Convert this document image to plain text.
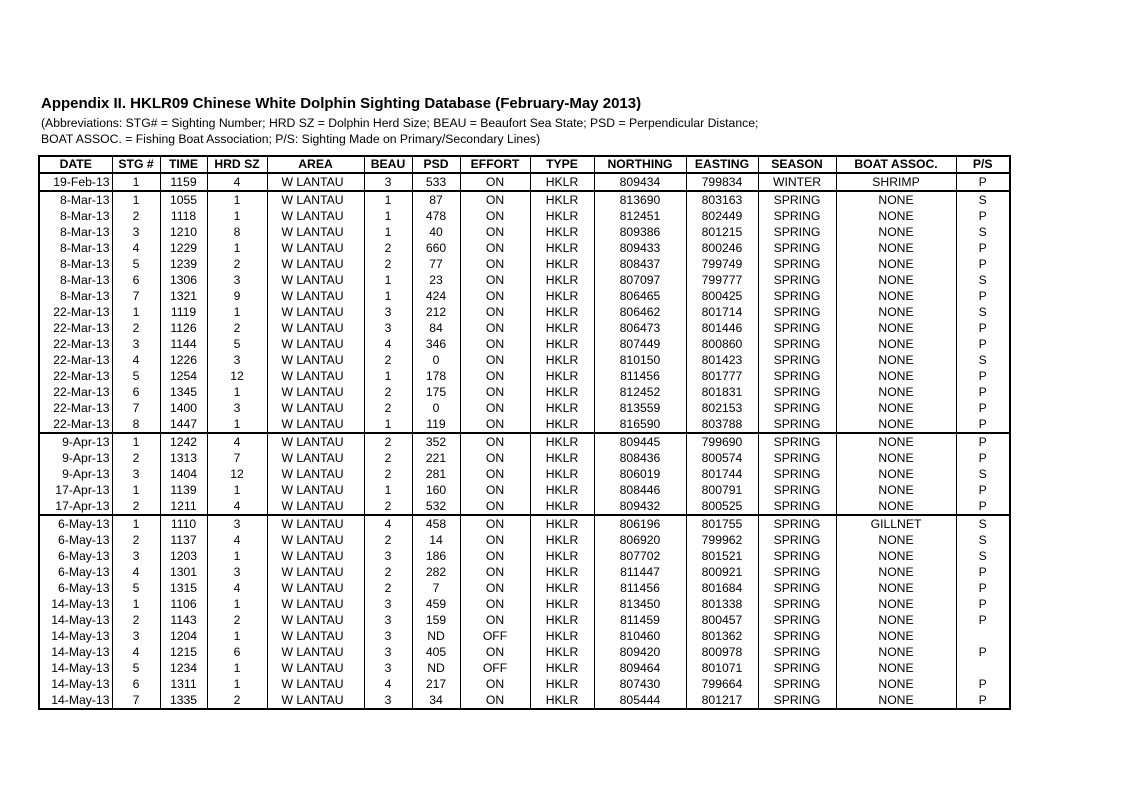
Appendix II. HKLR09 Chinese White Dolphin Sighting Database (February-May 2013)
(Abbreviations: STG# = Sighting Number; HRD SZ = Dolphin Herd Size; BEAU = Beaufort Sea State; PSD = Perpendicular Distance;
BOAT ASSOC. = Fishing Boat Association; P/S: Sighting Made on Primary/Secondary Lines)
DATE	STG #	TIME	HRD SZ	AREA	BEAU	PSD	EFFORT	TYPE	NORTHING	EASTING	SEASON	BOAT ASSOC.	P/S
19-Feb-13	1	1159	4	W LANTAU	3	533	ON	HKLR	809434	799834	WINTER	SHRIMP	P
8-Mar-13	1	1055	1	W LANTAU	1	87	ON	HKLR	813690	803163	SPRING	NONE	S
8-Mar-13	2	1118	1	W LANTAU	1	478	ON	HKLR	812451	802449	SPRING	NONE	P
8-Mar-13	3	1210	8	W LANTAU	1	40	ON	HKLR	809386	801215	SPRING	NONE	S
8-Mar-13	4	1229	1	W LANTAU	2	660	ON	HKLR	809433	800246	SPRING	NONE	P
8-Mar-13	5	1239	2	W LANTAU	2	77	ON	HKLR	808437	799749	SPRING	NONE	P
8-Mar-13	6	1306	3	W LANTAU	1	23	ON	HKLR	807097	799777	SPRING	NONE	S
8-Mar-13	7	1321	9	W LANTAU	1	424	ON	HKLR	806465	800425	SPRING	NONE	P
22-Mar-13	1	1119	1	W LANTAU	3	212	ON	HKLR	806462	801714	SPRING	NONE	S
22-Mar-13	2	1126	2	W LANTAU	3	84	ON	HKLR	806473	801446	SPRING	NONE	P
22-Mar-13	3	1144	5	W LANTAU	4	346	ON	HKLR	807449	800860	SPRING	NONE	P
22-Mar-13	4	1226	3	W LANTAU	2	0	ON	HKLR	810150	801423	SPRING	NONE	S
22-Mar-13	5	1254	12	W LANTAU	1	178	ON	HKLR	811456	801777	SPRING	NONE	P
22-Mar-13	6	1345	1	W LANTAU	2	175	ON	HKLR	812452	801831	SPRING	NONE	P
22-Mar-13	7	1400	3	W LANTAU	2	0	ON	HKLR	813559	802153	SPRING	NONE	P
22-Mar-13	8	1447	1	W LANTAU	1	119	ON	HKLR	816590	803788	SPRING	NONE	P
9-Apr-13	1	1242	4	W LANTAU	2	352	ON	HKLR	809445	799690	SPRING	NONE	P
9-Apr-13	2	1313	7	W LANTAU	2	221	ON	HKLR	808436	800574	SPRING	NONE	P
9-Apr-13	3	1404	12	W LANTAU	2	281	ON	HKLR	806019	801744	SPRING	NONE	S
17-Apr-13	1	1139	1	W LANTAU	1	160	ON	HKLR	808446	800791	SPRING	NONE	P
17-Apr-13	2	1211	4	W LANTAU	2	532	ON	HKLR	809432	800525	SPRING	NONE	P
6-May-13	1	1110	3	W LANTAU	4	458	ON	HKLR	806196	801755	SPRING	GILLNET	S
6-May-13	2	1137	4	W LANTAU	2	14	ON	HKLR	806920	799962	SPRING	NONE	S
6-May-13	3	1203	1	W LANTAU	3	186	ON	HKLR	807702	801521	SPRING	NONE	S
6-May-13	4	1301	3	W LANTAU	2	282	ON	HKLR	811447	800921	SPRING	NONE	P
6-May-13	5	1315	4	W LANTAU	2	7	ON	HKLR	811456	801684	SPRING	NONE	P
14-May-13	1	1106	1	W LANTAU	3	459	ON	HKLR	813450	801338	SPRING	NONE	P
14-May-13	2	1143	2	W LANTAU	3	159	ON	HKLR	811459	800457	SPRING	NONE	P
14-May-13	3	1204	1	W LANTAU	3	ND	OFF	HKLR	810460	801362	SPRING	NONE	
14-May-13	4	1215	6	W LANTAU	3	405	ON	HKLR	809420	800978	SPRING	NONE	P
14-May-13	5	1234	1	W LANTAU	3	ND	OFF	HKLR	809464	801071	SPRING	NONE	
14-May-13	6	1311	1	W LANTAU	4	217	ON	HKLR	807430	799664	SPRING	NONE	P
14-May-13	7	1335	2	W LANTAU	3	34	ON	HKLR	805444	801217	SPRING	NONE	P
